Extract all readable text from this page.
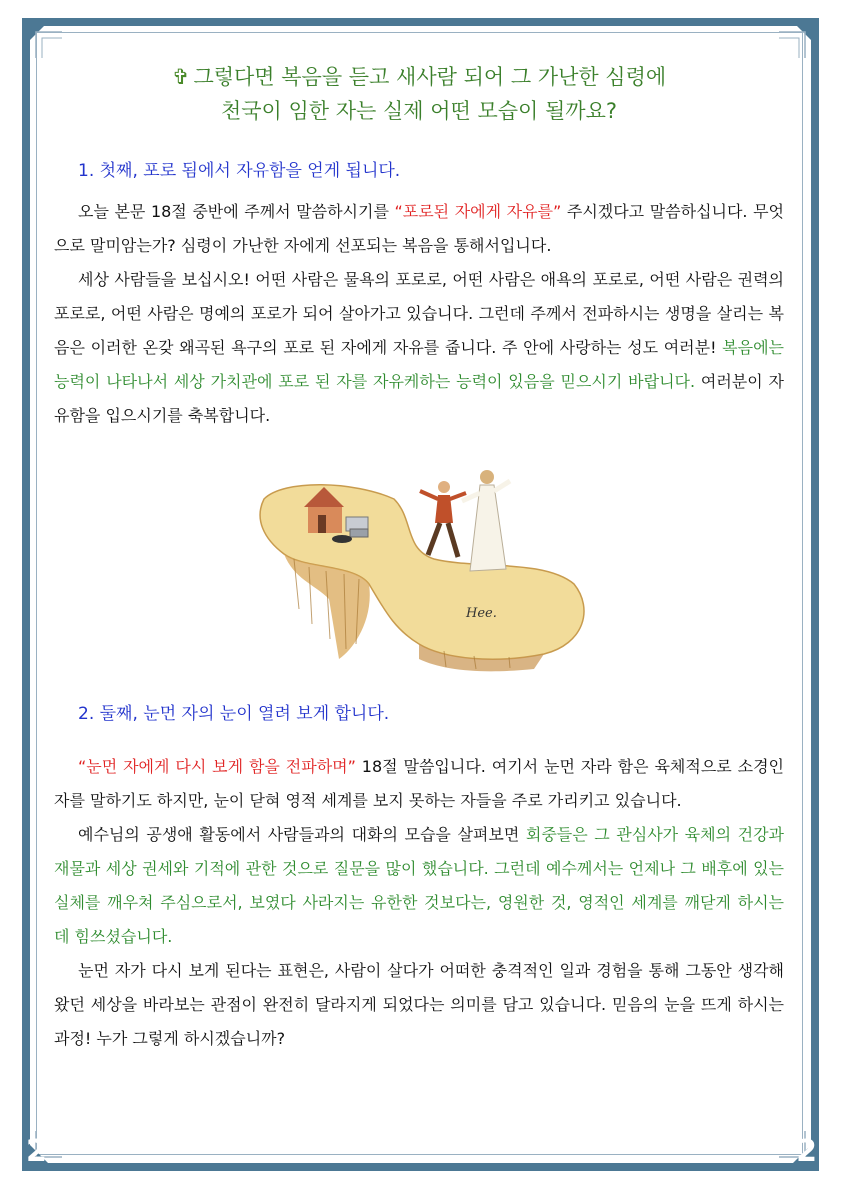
2	2
✞ 그렇다면 복음을 듣고 새사람 되어 그 가난한 심령에
천국이 임한 자는 실제 어떤 모습이 될까요?
1. 첫째, 포로 됨에서 자유함을 얻게 됩니다.

오늘 본문 18절 중반에 주께서 말씀하시기를 “포로된 자에게 자유를” 주시겠다고 말씀하십니다. 무엇으로 말미암는가? 심령이 가난한 자에게 선포되는 복음을 통해서입니다.

세상 사람들을 보십시오! 어떤 사람은 물욕의 포로로, 어떤 사람은 애욕의 포로로, 어떤 사람은 권력의 포로로, 어떤 사람은 명예의 포로가 되어 살아가고 있습니다. 그런데 주께서 전파하시는 생명을 살리는 복음은 이러한 온갖 왜곡된 욕구의 포로 된 자에게 자유를 줍니다. 주 안에 사랑하는 성도 여러분! 복음에는 능력이 나타나서 세상 가치관에 포로 된 자를 자유케하는 능력이 있음을 믿으시기 바랍니다. 여러분이 자유함을 입으시기를 축복합니다.

Hee.
2. 둘째, 눈먼 자의 눈이 열려 보게 합니다.

“눈먼 자에게 다시 보게 함을 전파하며” 18절 말씀입니다. 여기서 눈먼 자라 함은 육체적으로 소경인 자를 말하기도 하지만, 눈이 닫혀 영적 세계를 보지 못하는 자들을 주로 가리키고 있습니다.

예수님의 공생애 활동에서 사람들과의 대화의 모습을 살펴보면 회중들은 그 관심사가 육체의 건강과 재물과 세상 권세와 기적에 관한 것으로 질문을 많이 했습니다. 그런데 예수께서는 언제나 그 배후에 있는 실체를 깨우쳐 주심으로서, 보였다 사라지는 유한한 것보다는, 영원한 것, 영적인 세계를 깨닫게 하시는 데 힘쓰셨습니다.

눈먼 자가 다시 보게 된다는 표현은, 사람이 살다가 어떠한 충격적인 일과 경험을 통해 그동안 생각해왔던 세상을 바라보는 관점이 완전히 달라지게 되었다는 의미를 담고 있습니다. 믿음의 눈을 뜨게 하시는 과정! 누가 그렇게 하시겠습니까?
